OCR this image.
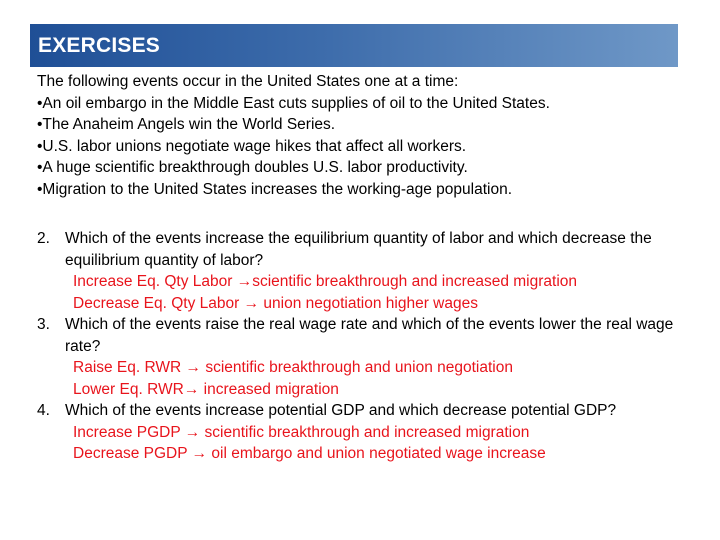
EXERCISES
The following events occur in the United States one at a time:
•An oil embargo in the Middle East cuts supplies of oil to the United States.
•The Anaheim Angels win the World Series.
•U.S. labor unions negotiate wage hikes that affect all workers.
•A huge scientific breakthrough doubles U.S. labor productivity.
•Migration to the United States increases the working-age population.
2. Which of the events increase the equilibrium quantity of labor and which decrease the equilibrium quantity of labor?
Increase Eq. Qty Labor →scientific breakthrough and increased migration
Decrease Eq. Qty Labor → union negotiation higher wages
3. Which of the events raise the real wage rate and which of the events lower the real wage rate?
Raise Eq. RWR → scientific breakthrough and union negotiation
Lower Eq. RWR→ increased migration
4. Which of the events increase potential GDP and which decrease potential GDP?
Increase PGDP → scientific breakthrough and increased migration
Decrease PGDP → oil embargo and union negotiated wage increase
